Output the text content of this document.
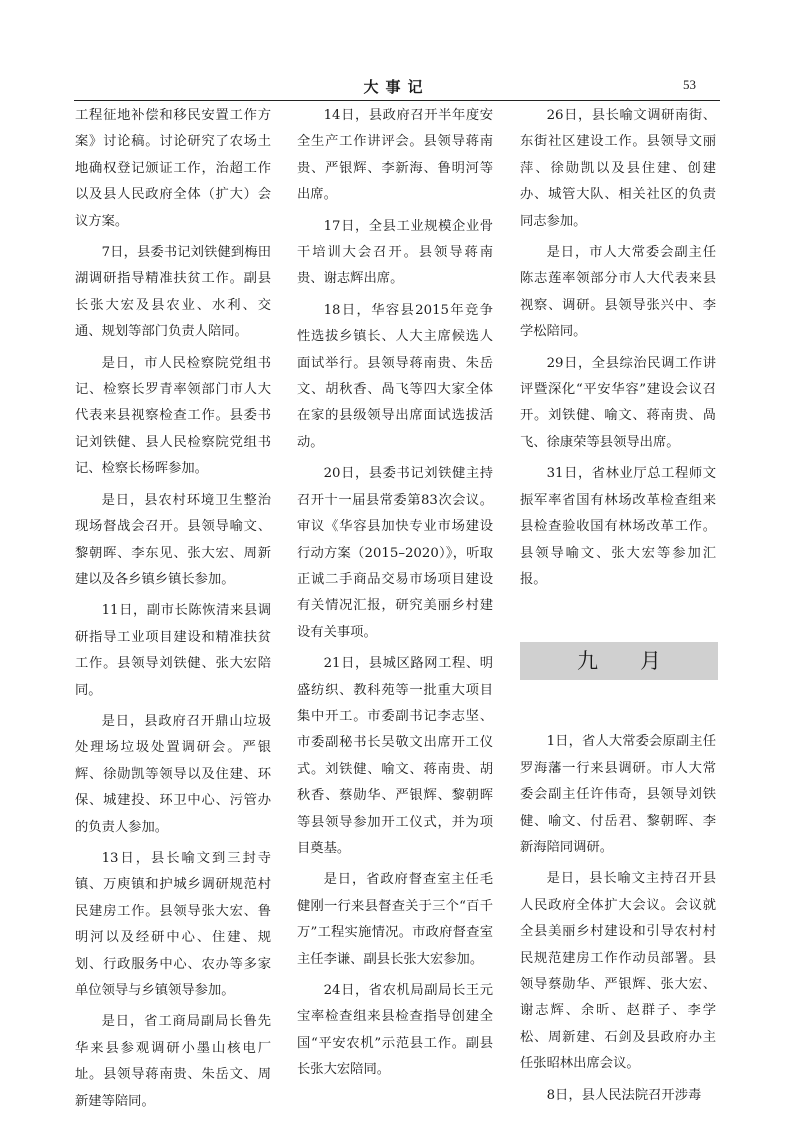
大事记	53

工程征地补偿和移民安置工作方案》讨论稿。讨论研究了农场土地确权登记颁证工作，治超工作以及县人民政府全体（扩大）会议方案。

7日，县委书记刘铁健到梅田湖调研指导精准扶贫工作。副县长张大宏及县农业、水利、交通、规划等部门负责人陪同。

是日，市人民检察院党组书记、检察长罗青率领部门市人大代表来县视察检查工作。县委书记刘铁健、县人民检察院党组书记、检察长杨晖参加。

是日，县农村环境卫生整治现场督战会召开。县领导喻文、黎朝晖、李东见、张大宏、周新建以及各乡镇乡镇长参加。

11日，副市长陈恢清来县调研指导工业项目建设和精准扶贫工作。县领导刘铁健、张大宏陪同。

是日，县政府召开鼎山垃圾处理场垃圾处置调研会。严银辉、徐勋凯等领导以及住建、环保、城建投、环卫中心、污管办的负责人参加。

13日，县长喻文到三封寺镇、万庾镇和护城乡调研规范村民建房工作。县领导张大宏、鲁明河以及经研中心、住建、规划、行政服务中心、农办等多家单位领导与乡镇领导参加。

是日，省工商局副局长鲁先华来县参观调研小墨山核电厂址。县领导蒋南贵、朱岳文、周新建等陪同。

14日，县政府召开半年度安全生产工作讲评会。县领导蒋南贵、严银辉、李新海、鲁明河等出席。

17日，全县工业规模企业骨干培训大会召开。县领导蒋南贵、谢志辉出席。

18日，华容县2015年竞争性选拔乡镇长、人大主席候选人面试举行。县领导蒋南贵、朱岳文、胡秋香、咼飞等四大家全体在家的县级领导出席面试选拔活动。

20日，县委书记刘铁健主持召开十一届县常委第83次会议。审议《华容县加快专业市场建设行动方案（2015–2020）》，听取正诚二手商品交易市场项目建设有关情况汇报，研究美丽乡村建设有关事项。

21日，县城区路网工程、明盛纺织、教科苑等一批重大项目集中开工。市委副书记李志坚、市委副秘书长吴敬文出席开工仪式。刘铁健、喻文、蒋南贵、胡秋香、蔡勋华、严银辉、黎朝晖等县领导参加开工仪式，并为项目奠基。

是日，省政府督查室主任毛健刚一行来县督查关于三个“百千万”工程实施情况。市政府督查室主任李谦、副县长张大宏参加。

24日，省农机局副局长王元宝率检查组来县检查指导创建全国“平安农机”示范县工作。副县长张大宏陪同。

26日，县长喻文调研南街、东街社区建设工作。县领导文丽萍、徐勋凯以及县住建、创建办、城管大队、相关社区的负责同志参加。

是日，市人大常委会副主任陈志莲率领部分市人大代表来县视察、调研。县领导张兴中、李学松陪同。

29日，全县综治民调工作讲评暨深化“平安华容”建设会议召开。刘铁健、喻文、蒋南贵、咼飞、徐康荣等县领导出席。

31日，省林业厅总工程师文振军率省国有林场改革检查组来县检查验收国有林场改革工作。县领导喻文、张大宏等参加汇报。

九月

1日，省人大常委会原副主任罗海藩一行来县调研。市人大常委会副主任许伟奇，县领导刘铁健、喻文、付岳君、黎朝晖、李新海陪同调研。

是日，县长喻文主持召开县人民政府全体扩大会议。会议就全县美丽乡村建设和引导农村村民规范建房工作作动员部署。县领导蔡勋华、严银辉、张大宏、谢志辉、余昕、赵群子、李学松、周新建、石剑及县政府办主任张昭林出席会议。

8日，县人民法院召开涉毒
